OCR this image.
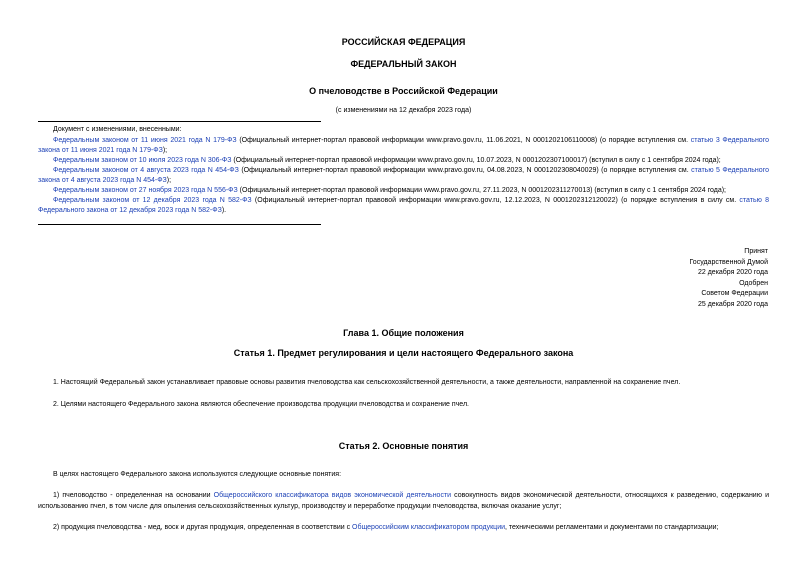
РОССИЙСКАЯ ФЕДЕРАЦИЯ
ФЕДЕРАЛЬНЫЙ ЗАКОН
О пчеловодстве в Российской Федерации
(с изменениями на 12 декабря 2023 года)
Документ с изменениями, внесенными:
Федеральным законом от 11 июня 2021 года N 179-ФЗ (Официальный интернет-портал правовой информации www.pravo.gov.ru, 11.06.2021, N 0001202106110008) (о порядке вступления см. статью 3 Федерального закона от 11 июня 2021 года N 179-ФЗ);
Федеральным законом от 10 июля 2023 года N 306-ФЗ (Официальный интернет-портал правовой информации www.pravo.gov.ru, 10.07.2023, N 0001202307100017) (вступил в силу с 1 сентября 2024 года);
Федеральным законом от 4 августа 2023 года N 454-ФЗ (Официальный интернет-портал правовой информации www.pravo.gov.ru, 04.08.2023, N 0001202308040029) (о порядке вступления см. статью 5 Федерального закона от 4 августа 2023 года N 454-ФЗ);
Федеральным законом от 27 ноября 2023 года N 556-ФЗ (Официальный интернет-портал правовой информации www.pravo.gov.ru, 27.11.2023, N 0001202311270013) (вступил в силу с 1 сентября 2024 года);
Федеральным законом от 12 декабря 2023 года N 582-ФЗ (Официальный интернет-портал правовой информации www.pravo.gov.ru, 12.12.2023, N 0001202312120022) (о порядке вступления в силу см. статью 8 Федерального закона от 12 декабря 2023 года N 582-ФЗ).
Принят
Государственной Думой
22 декабря 2020 года
Одобрен
Советом Федерации
25 декабря 2020 года
Глава 1. Общие положения
Статья 1. Предмет регулирования и цели настоящего Федерального закона
1. Настоящий Федеральный закон устанавливает правовые основы развития пчеловодства как сельскохозяйственной деятельности, а также деятельности, направленной на сохранение пчел.
2. Целями настоящего Федерального закона являются обеспечение производства продукции пчеловодства и сохранение пчел.
Статья 2. Основные понятия
В целях настоящего Федерального закона используются следующие основные понятия:
1) пчеловодство - определенная на основании Общероссийского классификатора видов экономической деятельности совокупность видов экономической деятельности, относящихся к разведению, содержанию и использованию пчел, в том числе для опыления сельскохозяйственных культур, производству и переработке продукции пчеловодства, включая оказание услуг;
2) продукция пчеловодства - мед, воск и другая продукция, определенная в соответствии с Общероссийским классификатором продукции, техническими регламентами и документами по стандартизации;
